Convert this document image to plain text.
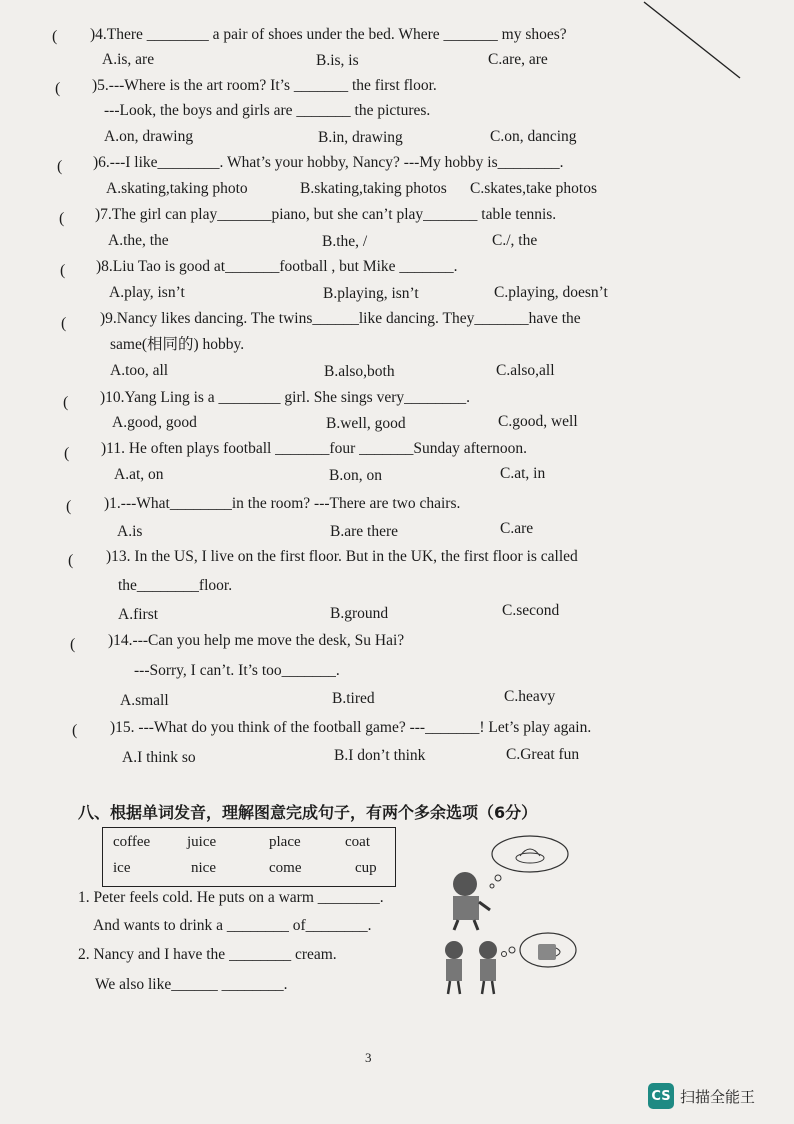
( )4.There ________ a pair of shoes under the bed. Where _______ my shoes?
A.is, are	B.is, is	C.are, are
( )5.---Where is the art room? It’s _______ the first floor.
---Look, the boys and girls are _______ the pictures.
A.on, drawing	B.in, drawing	C.on, dancing
( )6.---I like________. What’s your hobby, Nancy? ---My hobby is________.
A.skating,taking photo	B.skating,taking photos C.skates,take photos
( )7.The girl can play_______piano, but she can’t play_______ table tennis.
A.the, the	B.the, /	C./, the
( )8.Liu Tao is good at_______football , but Mike _______.
A.play, isn’t	B.playing, isn’t	C.playing, doesn’t
( )9.Nancy likes dancing. The twins______like dancing. They_______have the
same(相同的) hobby.
A.too, all	B.also,both	C.also,all
( )10.Yang Ling is a ________ girl. She sings very________.
A.good, good	B.well, good	C.good, well
( )11. He often plays football _______four _______Sunday afternoon.
A.at, on	B.on, on	C.at, in
( )1.---What________in the room? ---There are two chairs.
A.is	B.are there	C.are
( )13. In the US, I live on the first floor. But in the UK, the first floor is called
the________floor.
A.first	B.ground	C.second
( )14.---Can you help me move the desk, Su Hai?
---Sorry, I can’t. It’s too_______.
A.small	B.tired	C.heavy
( )15. ---What do you think of the football game? ---_______! Let’s play again.
A.I think so	B.I don’t think	C.Great fun
八、根据单词发音，理解图意完成句子，有两个多余选项（6分）
coffee juice	place	coat
ice	nice	come	cup
1. Peter feels cold. He puts on a warm ________.
And wants to drink a ________ of________.
2. Nancy and I have the ________ cream.
We also like______ ________.
3
CS 扫描全能王
